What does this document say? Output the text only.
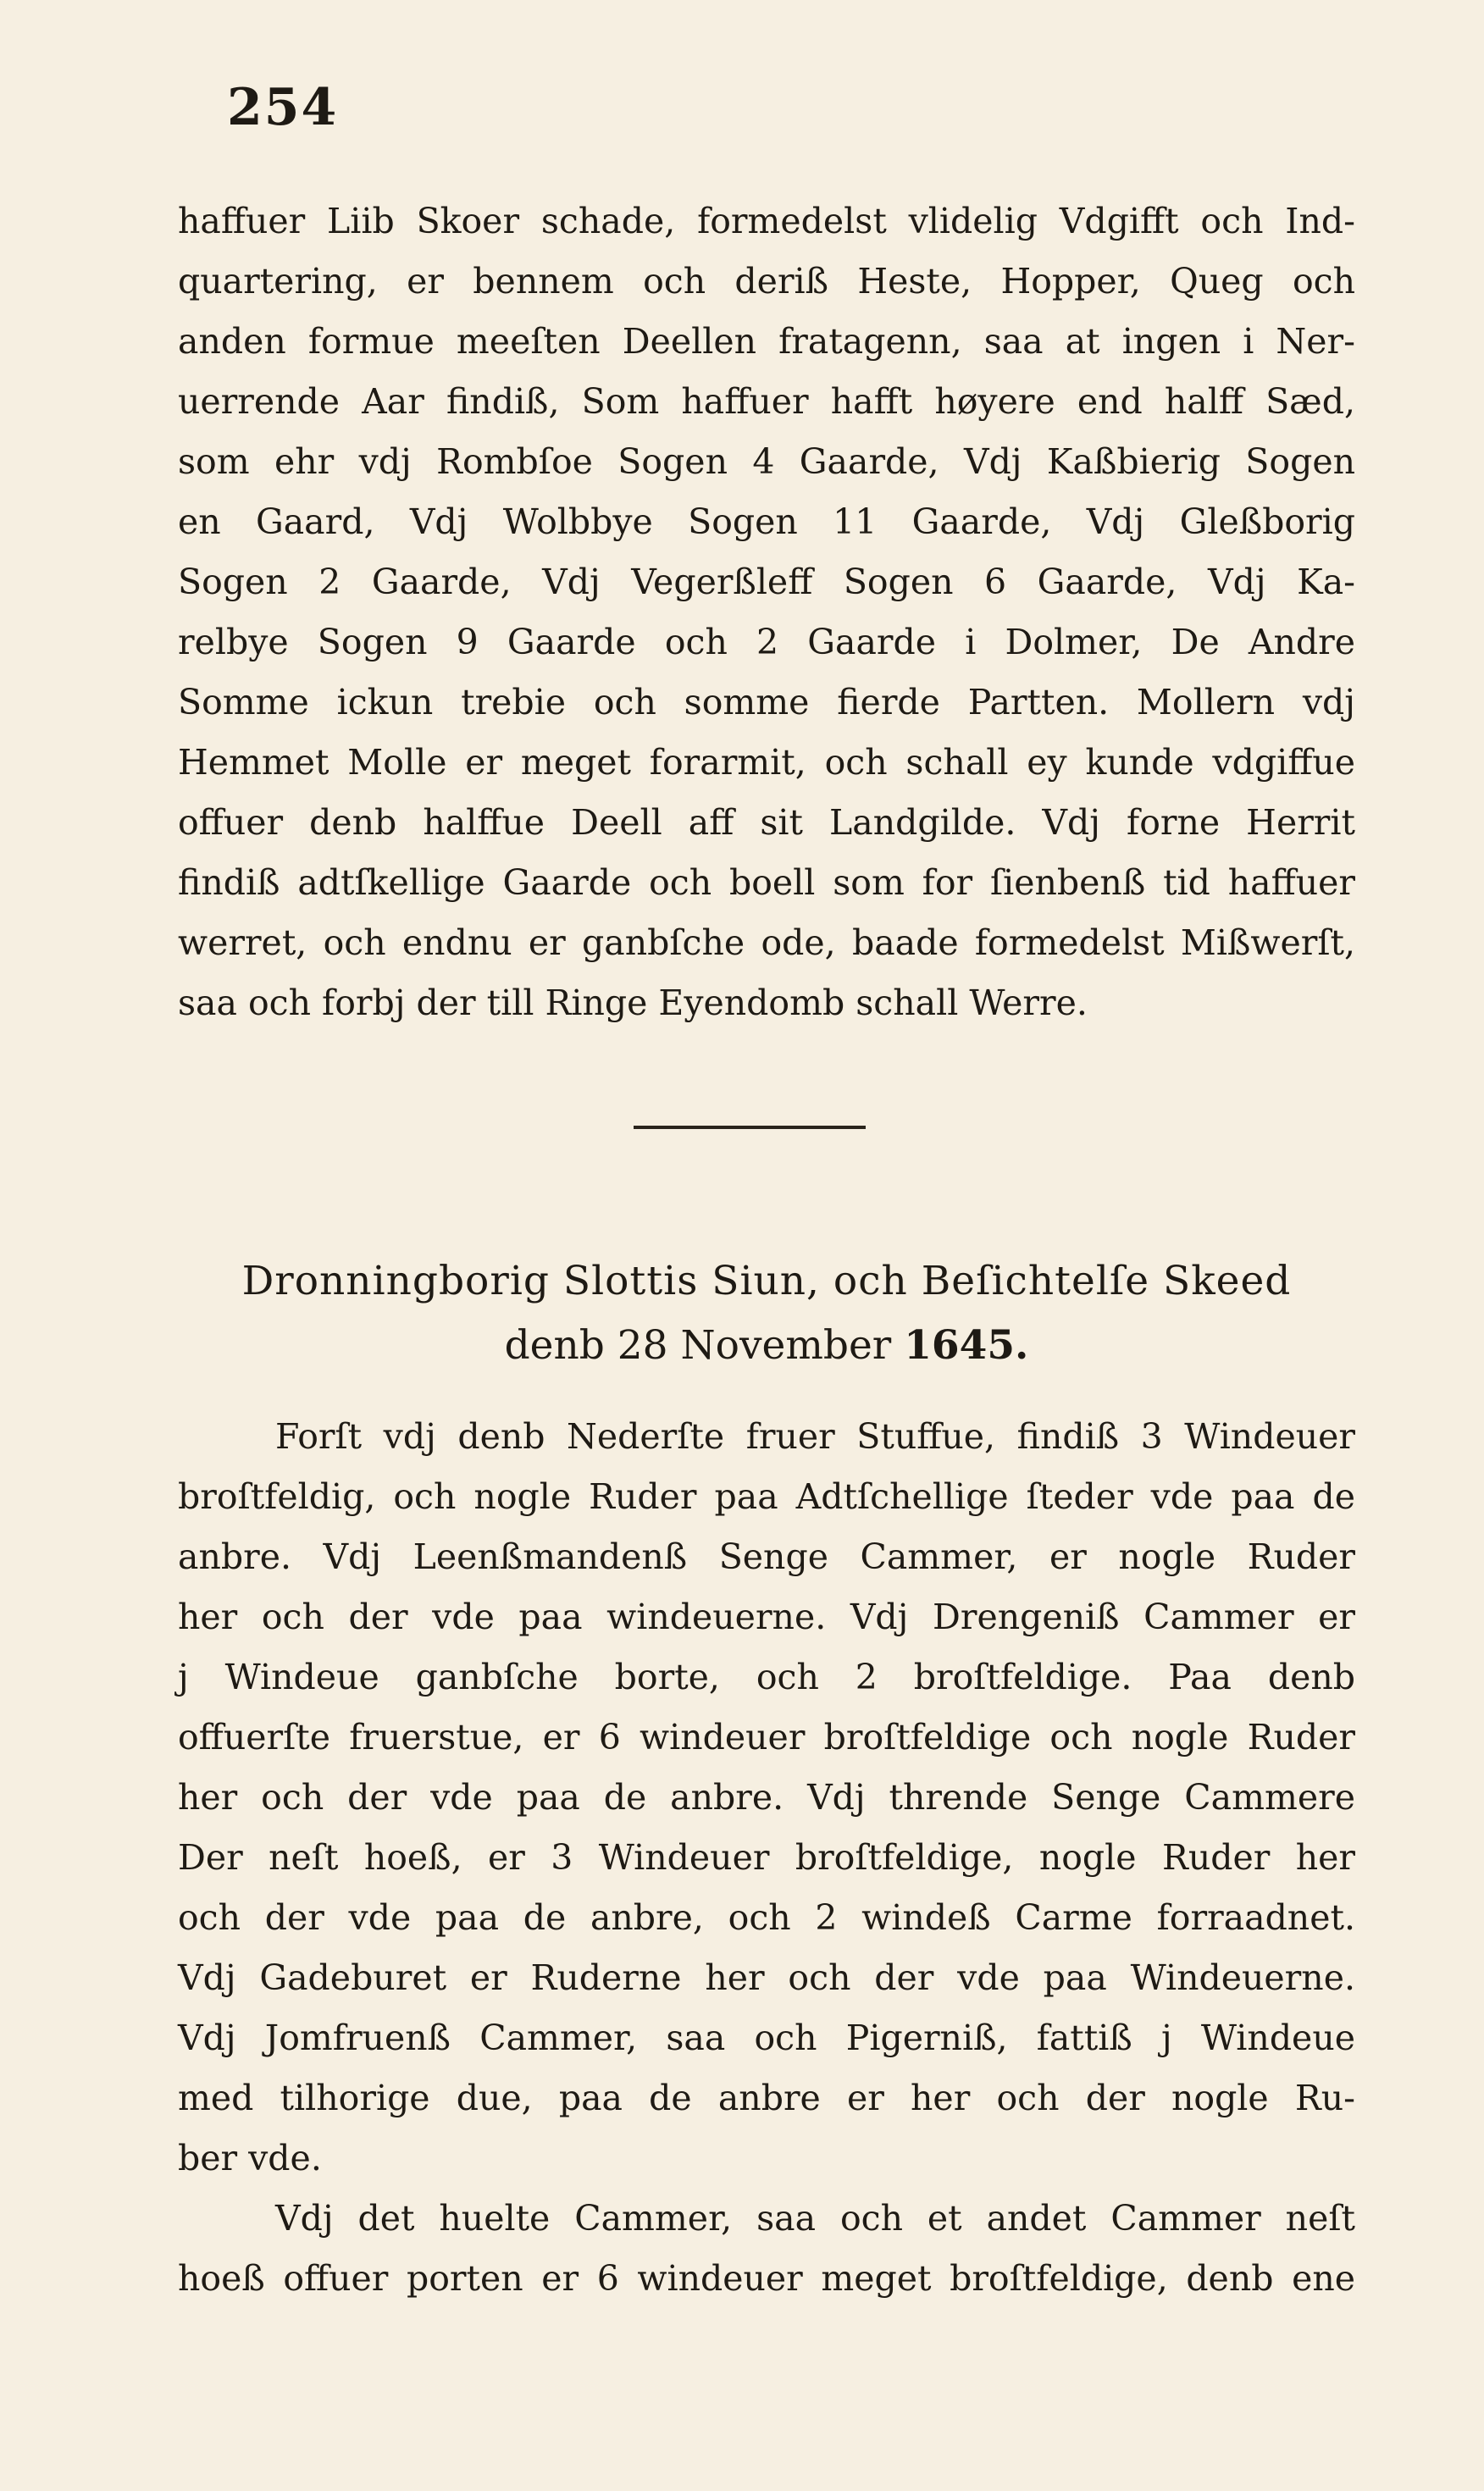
254
haffuer Liib Skoer schade, formedelst vlidelig Vdgifft och Ind-
quartering, er bennem och deriß Heste, Hopper, Queg och
anden formue meeſten Deellen fratagenn, saa at ingen i Ner-
uerrende Aar findiß, Som haffuer hafft høyere end halff Sæd,
som ehr vdj Rombſoe Sogen 4 Gaarde, Vdj Kaßbierig Sogen
en Gaard, Vdj Wolbbye Sogen 11 Gaarde, Vdj Gleßborig
Sogen 2 Gaarde, Vdj Vegerßleff Sogen 6 Gaarde, Vdj Ka-
relbye Sogen 9 Gaarde och 2 Gaarde i Dolmer, De Andre
Somme ickun trebie och somme fierde Partten. Mollern vdj
Hemmet Molle er meget forarmit, och schall ey kunde vdgiffue
offuer denb halffue Deell aff sit Landgilde. Vdj forne Herrit
findiß adtſkellige Gaarde och boell som for ſienbenß tid haffuer
werret, och endnu er ganbſche ode, baade formedelst Mißwerſt,
saa och forbj der till Ringe Eyendomb schall Werre.
Dronningborig Slottis Siun, och Beſichtelſe Skeed
denb 28 November 1645.
Forſt vdj denb Nederſte fruer Stuffue, findiß 3 Windeuer
broſtfeldig, och nogle Ruder paa Adtſchellige ſteder vde paa de
anbre. Vdj Leenßmandenß Senge Cammer, er nogle Ruder
her och der vde paa windeuerne. Vdj Drengeniß Cammer er
j Windeue ganbſche borte, och 2 broſtfeldige. Paa denb
offuerſte fruerstue, er 6 windeuer broſtfeldige och nogle Ruder
her och der vde paa de anbre. Vdj thrende Senge Cammere
Der neſt hoeß, er 3 Windeuer broſtfeldige, nogle Ruder her
och der vde paa de anbre, och 2 windeß Carme forraadnet.
Vdj Gadeburet er Ruderne her och der vde paa Windeuerne.
Vdj Jomfruenß Cammer, saa och Pigerniß, fattiß j Windeue
med tilhorige due, paa de anbre er her och der nogle Ru-
ber vde.
Vdj det huelte Cammer, saa och et andet Cammer neſt
hoeß offuer porten er 6 windeuer meget broſtfeldige, denb ene
